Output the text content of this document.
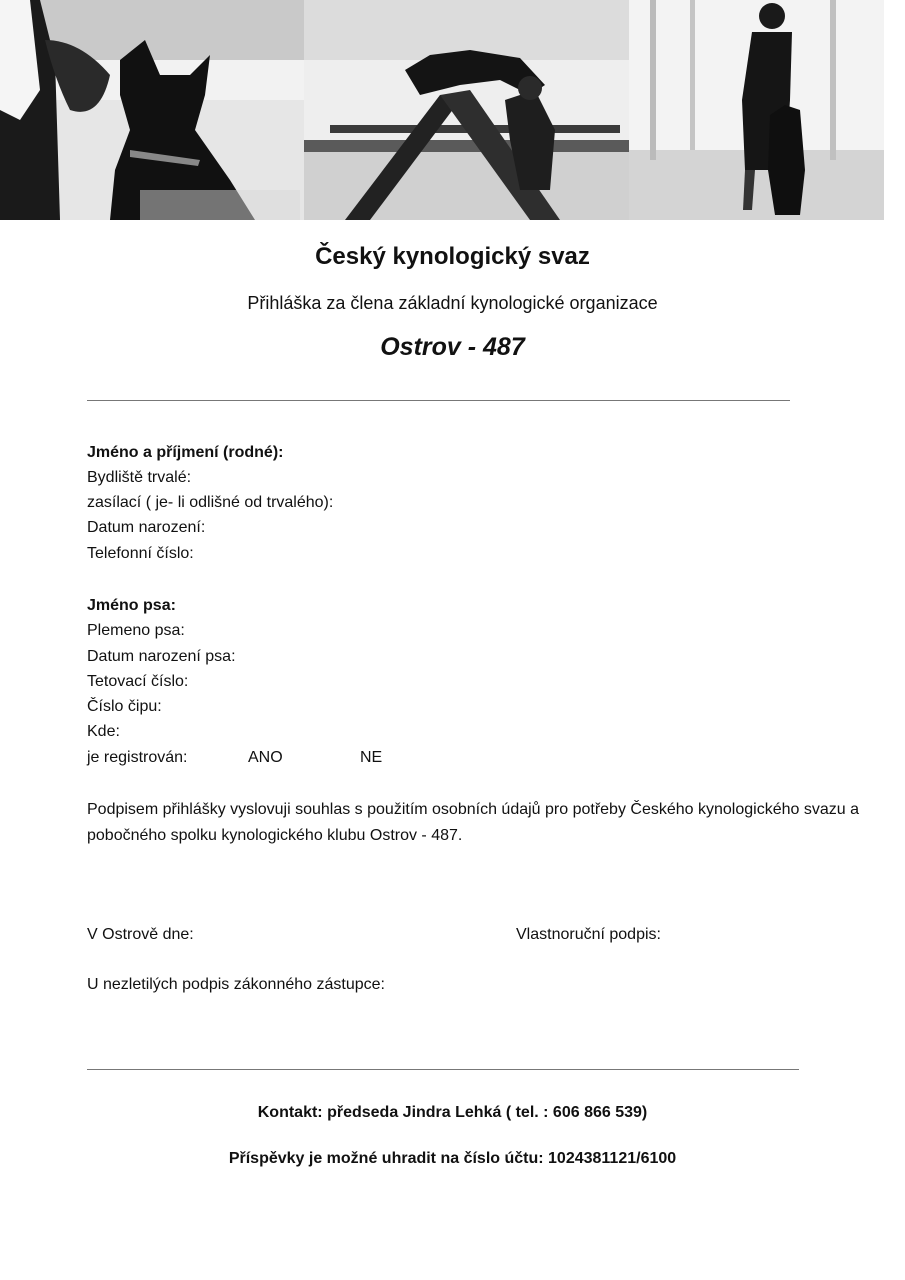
Český kynologický svaz
Přihláška za člena základní kynologické organizace
Ostrov - 487
Jméno a příjmení (rodné):
Bydliště trvalé:
zasílací ( je- li odlišné od trvalého):
Datum narození:
Telefonní číslo:
Jméno psa:
Plemeno psa:
Datum narození psa:
Tetovací číslo:
Číslo čipu:
Kde:
je registrován:	ANO	NE
Podpisem přihlášky vyslovuji souhlas s použitím osobních údajů pro potřeby Českého kynologického svazu a pobočného spolku kynologického klubu Ostrov - 487.
V Ostrově dne:	Vlastnoruční podpis:
U nezletilých podpis zákonného zástupce:
Kontakt: předseda Jindra Lehká ( tel. : 606 866 539)
Příspěvky je možné uhradit na číslo účtu: 1024381121/6100
